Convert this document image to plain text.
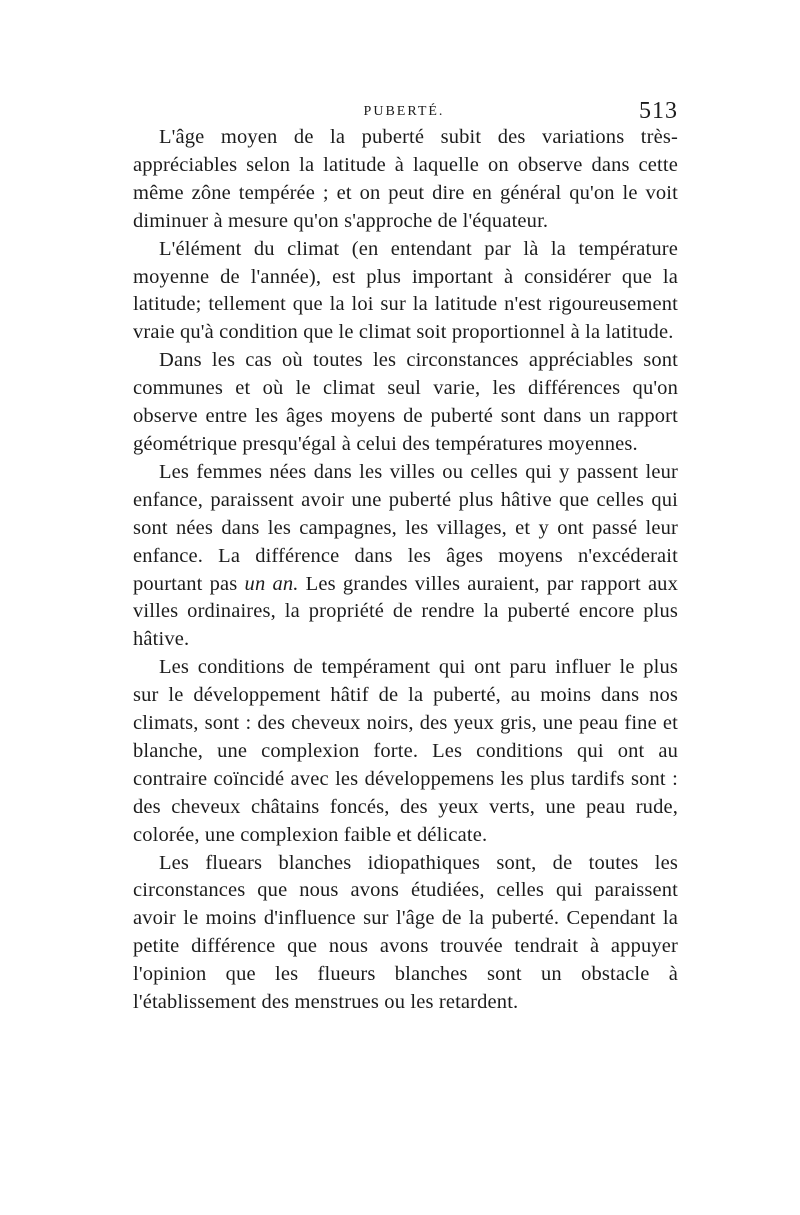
PUBERTÉ.	513

L'âge moyen de la puberté subit des variations très-appréciables selon la latitude à laquelle on observe dans cette même zône tempérée ; et on peut dire en général qu'on le voit diminuer à mesure qu'on s'approche de l'équateur.

L'élément du climat (en entendant par là la température moyenne de l'année), est plus important à considérer que la latitude; tellement que la loi sur la latitude n'est rigoureusement vraie qu'à condition que le climat soit proportionnel à la latitude.

Dans les cas où toutes les circonstances appréciables sont communes et où le climat seul varie, les différences qu'on observe entre les âges moyens de puberté sont dans un rapport géométrique presqu'égal à celui des températures moyennes.

Les femmes nées dans les villes ou celles qui y passent leur enfance, paraissent avoir une puberté plus hâtive que celles qui sont nées dans les campagnes, les villages, et y ont passé leur enfance. La différence dans les âges moyens n'excéderait pourtant pas un an. Les grandes villes auraient, par rapport aux villes ordinaires, la propriété de rendre la puberté encore plus hâtive.

Les conditions de tempérament qui ont paru influer le plus sur le développement hâtif de la puberté, au moins dans nos climats, sont : des cheveux noirs, des yeux gris, une peau fine et blanche, une complexion forte. Les conditions qui ont au contraire coïncidé avec les développemens les plus tardifs sont : des cheveux châtains foncés, des yeux verts, une peau rude, colorée, une complexion faible et délicate.

Les fluears blanches idiopathiques sont, de toutes les circonstances que nous avons étudiées, celles qui paraissent avoir le moins d'influence sur l'âge de la puberté. Cependant la petite différence que nous avons trouvée tendrait à appuyer l'opinion que les flueurs blanches sont un obstacle à l'établissement des menstrues ou les retardent.
